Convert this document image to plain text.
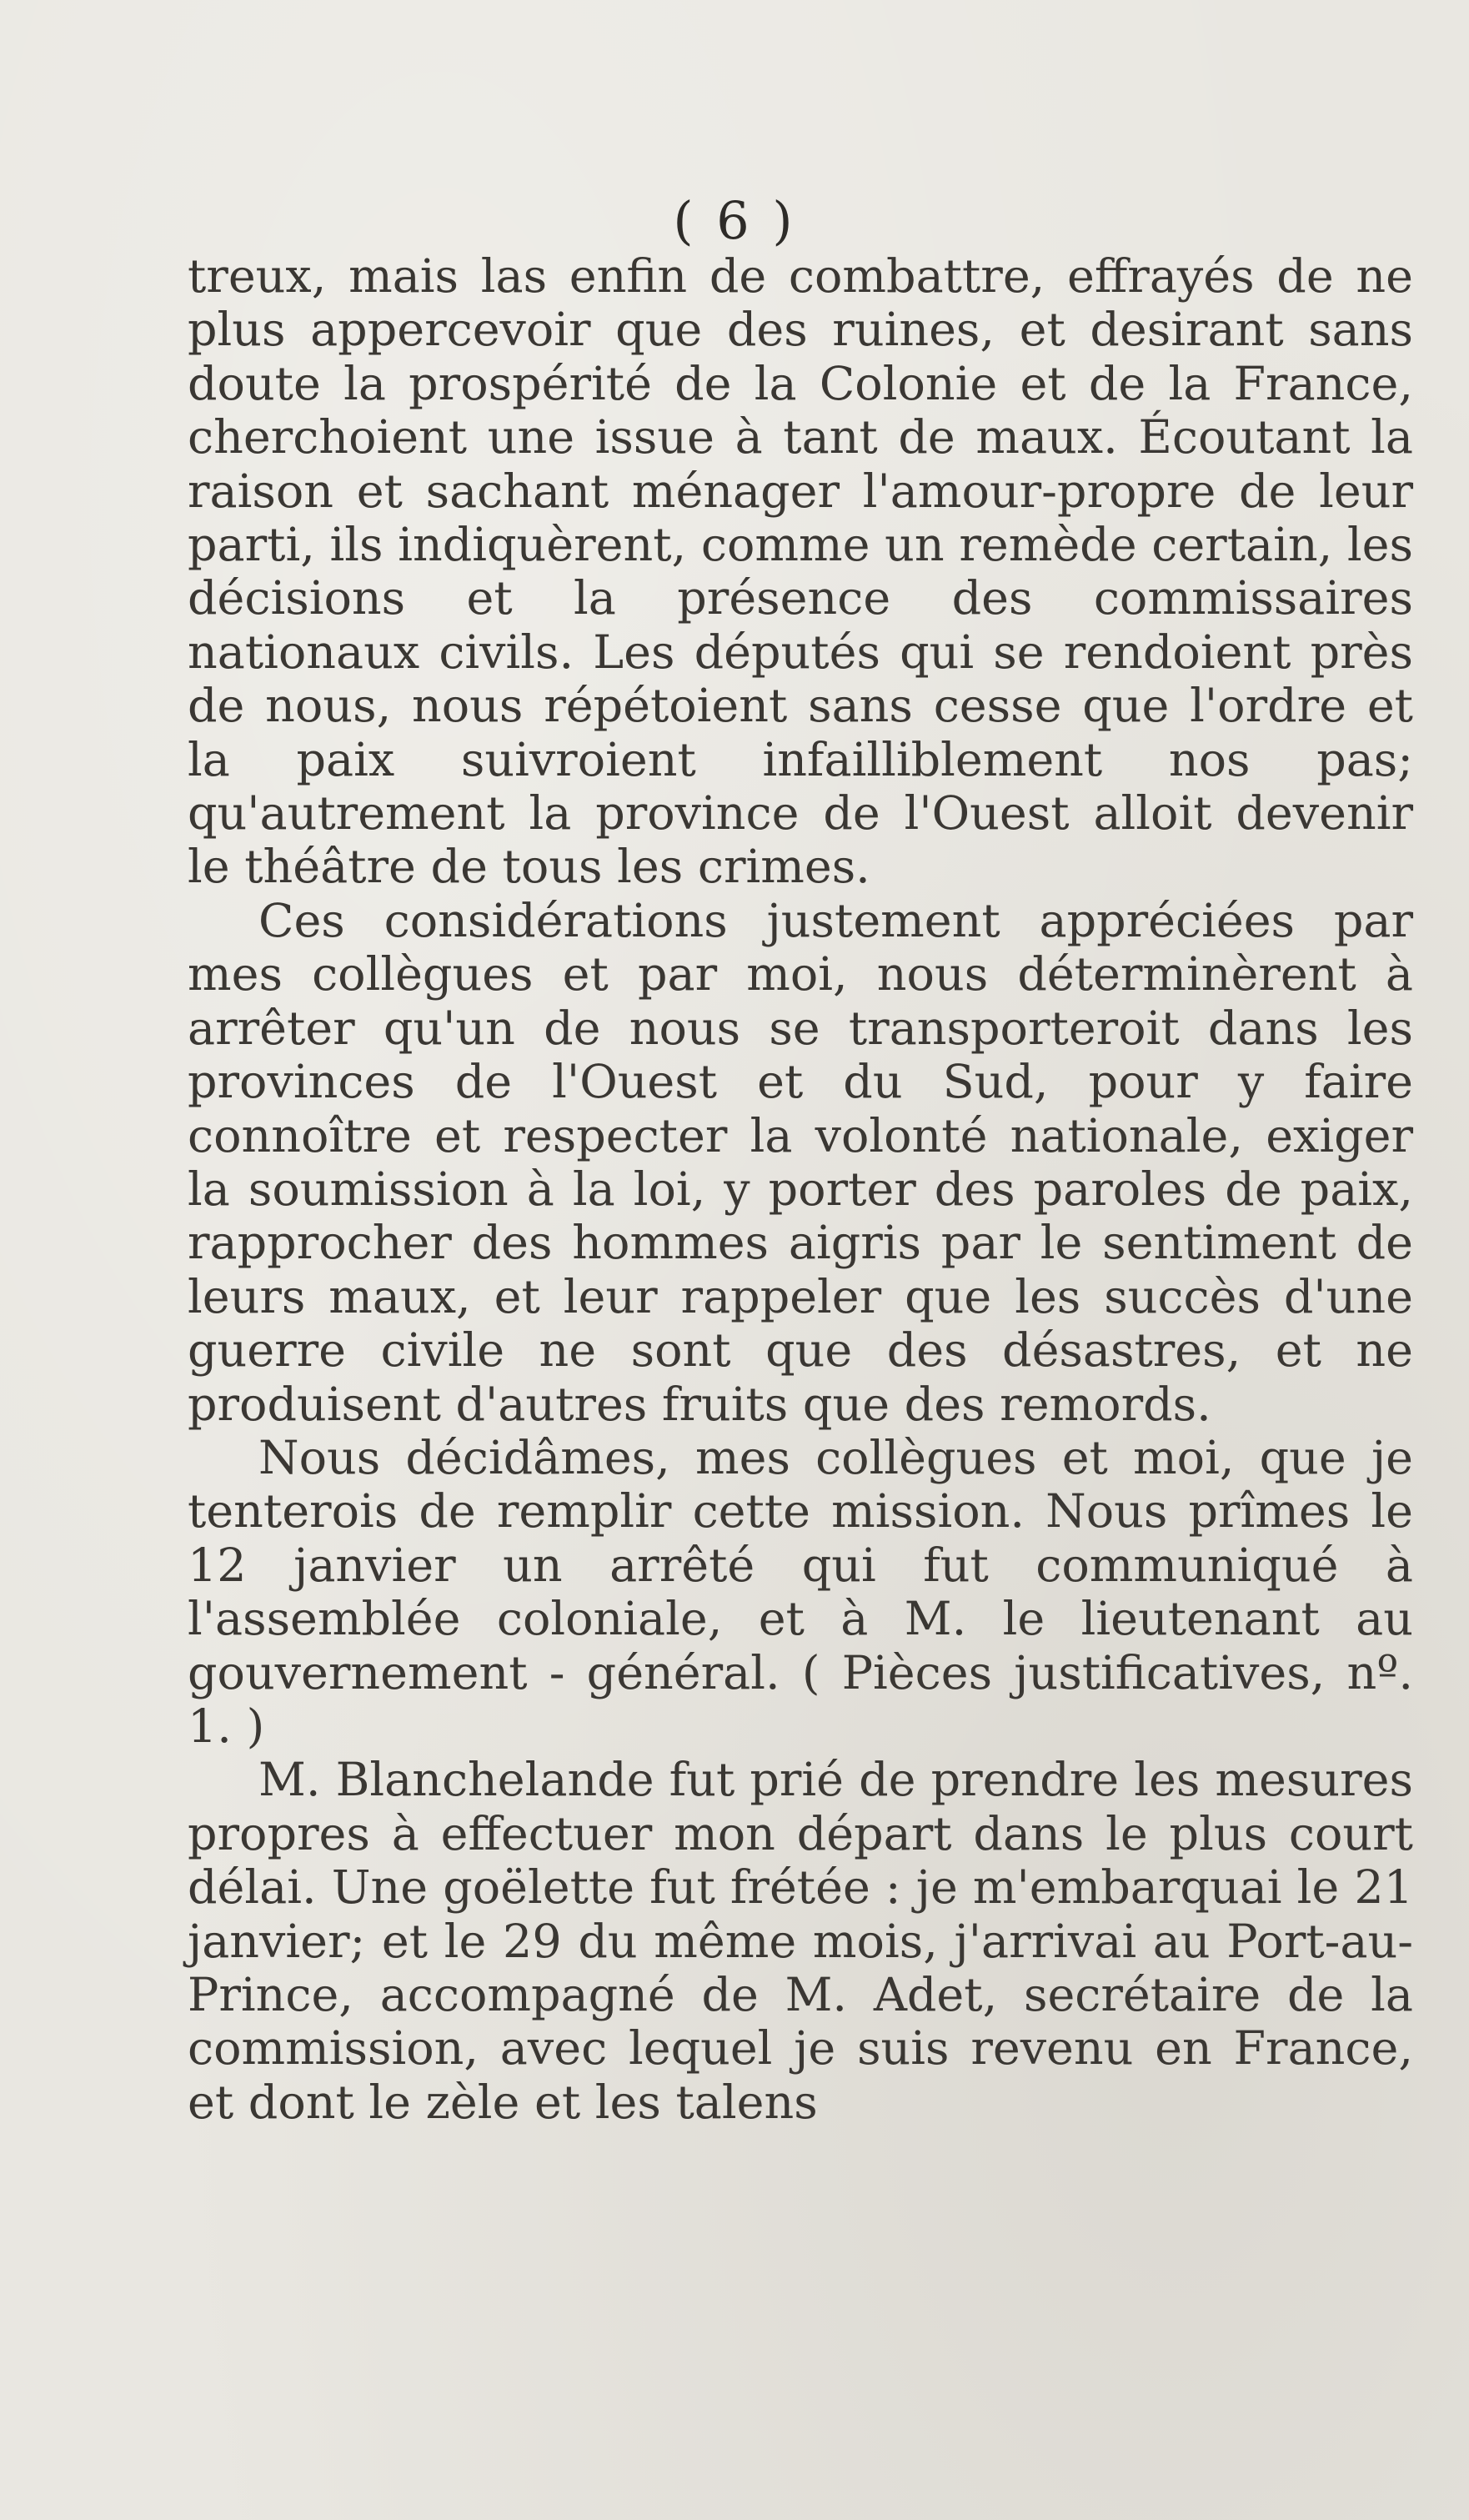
( 6 )

treux, mais las enfin de combattre, effrayés de ne plus appercevoir que des ruines, et desirant sans doute la prospérité de la Colonie et de la France, cherchoient une issue à tant de maux. Écoutant la raison et sachant ménager l'amour-propre de leur parti, ils indiquèrent, comme un remède certain, les décisions et la présence des commissaires nationaux civils. Les députés qui se rendoient près de nous, nous répétoient sans cesse que l'ordre et la paix suivroient infailliblement nos pas; qu'autrement la province de l'Ouest alloit devenir le théâtre de tous les crimes.

Ces considérations justement appréciées par mes collègues et par moi, nous déterminèrent à arrêter qu'un de nous se transporteroit dans les provinces de l'Ouest et du Sud, pour y faire connoître et respecter la volonté nationale, exiger la soumission à la loi, y porter des paroles de paix, rapprocher des hommes aigris par le sentiment de leurs maux, et leur rappeler que les succès d'une guerre civile ne sont que des désastres, et ne produisent d'autres fruits que des remords.

Nous décidâmes, mes collègues et moi, que je tenterois de remplir cette mission. Nous prîmes le 12 janvier un arrêté qui fut communiqué à l'assemblée coloniale, et à M. le lieutenant au gouvernement - général. ( Pièces justificatives, nº. 1. )

M. Blanchelande fut prié de prendre les mesures propres à effectuer mon départ dans le plus court délai. Une goëlette fut frétée : je m'embarquai le 21 janvier; et le 29 du même mois, j'arrivai au Port-au-Prince, accompagné de M. Adet, secrétaire de la commission, avec lequel je suis revenu en France, et dont le zèle et les talens
